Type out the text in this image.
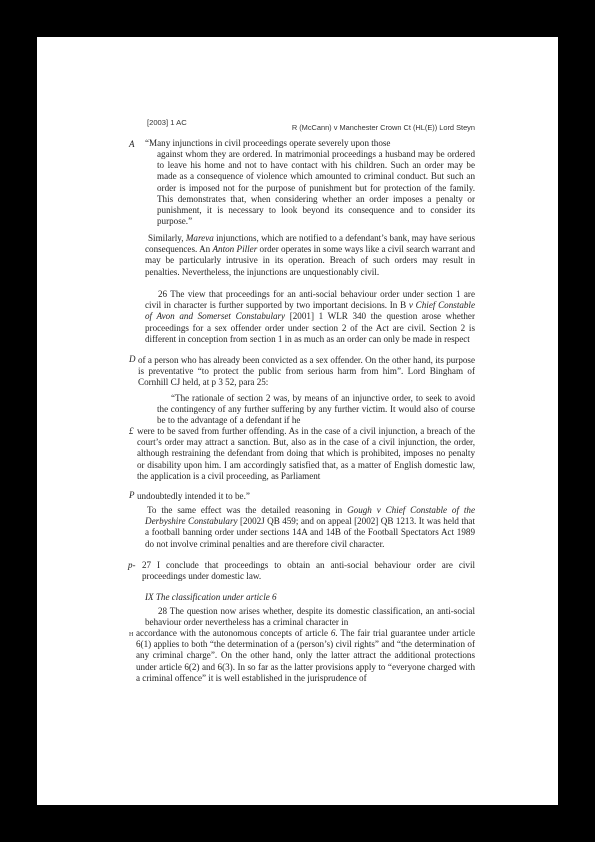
[2003] 1 AC
R (McCann) v Manchester Crown Ct (HL(E)) Lord Steyn
A
D
£
P
p-
H
“Many injunctions in civil proceedings operate severely upon those
against whom they are ordered. In matrimonial proceedings a husband may be ordered to leave his home and not to have contact with his children. Such an order may be made as a consequence of violence which amounted to criminal conduct. But such an order is imposed not for the purpose of punishment but for protection of the family. This demonstrates that, when considering whether an order imposes a penalty or punishment, it is necessary to look beyond its consequence and to consider its purpose.”
Similarly, Mareva injunctions, which are notified to a defendant’s bank, may have serious consequences. An Anton Piller order operates in some ways like a civil search warrant and may be particularly intrusive in its operation. Breach of such orders may result in penalties. Nevertheless, the injunctions are unquestionably civil.
26 The view that proceedings for an anti-social behaviour order under section 1 are civil in character is further supported by two important decisions. In B v Chief Constable of Avon and Somerset Constabulary [2001] 1 WLR 340 the question arose whether proceedings for a sex offender order under section 2 of the Act are civil. Section 2 is different in conception from section 1 in as much as an order can only be made in respect
of a person who has already been convicted as a sex offender. On the other hand, its purpose is preventative “to protect the public from serious harm from him”. Lord Bingham of Cornhill CJ held, at p 3 52, para 25:
“The rationale of section 2 was, by means of an injunctive order, to seek to avoid the contingency of any further suffering by any further victim. It would also of course be to the advantage of a defendant if he
were to be saved from further offending. As in the case of a civil injunction, a breach of the court’s order may attract a sanction. But, also as in the case of a civil injunction, the order, although restraining the defendant from doing that which is prohibited, imposes no penalty or disability upon him. I am accordingly satisfied that, as a matter of English domestic law, the application is a civil proceeding, as Parliament
undoubtedly intended it to be.”
To the same effect was the detailed reasoning in Gough v Chief Constable of the Derbyshire Constabulary [2002J QB 459; and on appeal [2002] QB 1213. It was held that a football banning order under sections 14A and 14B of the Football Spectators Act 1989 do not involve criminal penalties and are therefore civil character.
27 I conclude that proceedings to obtain an anti-social behaviour order are civil proceedings under domestic law.
IX The classification under article 6
28 The question now arises whether, despite its domestic classification, an anti-social behaviour order nevertheless has a criminal character in
accordance with the autonomous concepts of article 6. The fair trial guarantee under article 6(1) applies to both “the determination of a (person’s) civil rights” and “the determination of any criminal charge”. On the other hand, only the latter attract the additional protections under article 6(2) and 6(3). In so far as the latter provisions apply to “everyone charged with a criminal offence” it is well established in the jurisprudence of
